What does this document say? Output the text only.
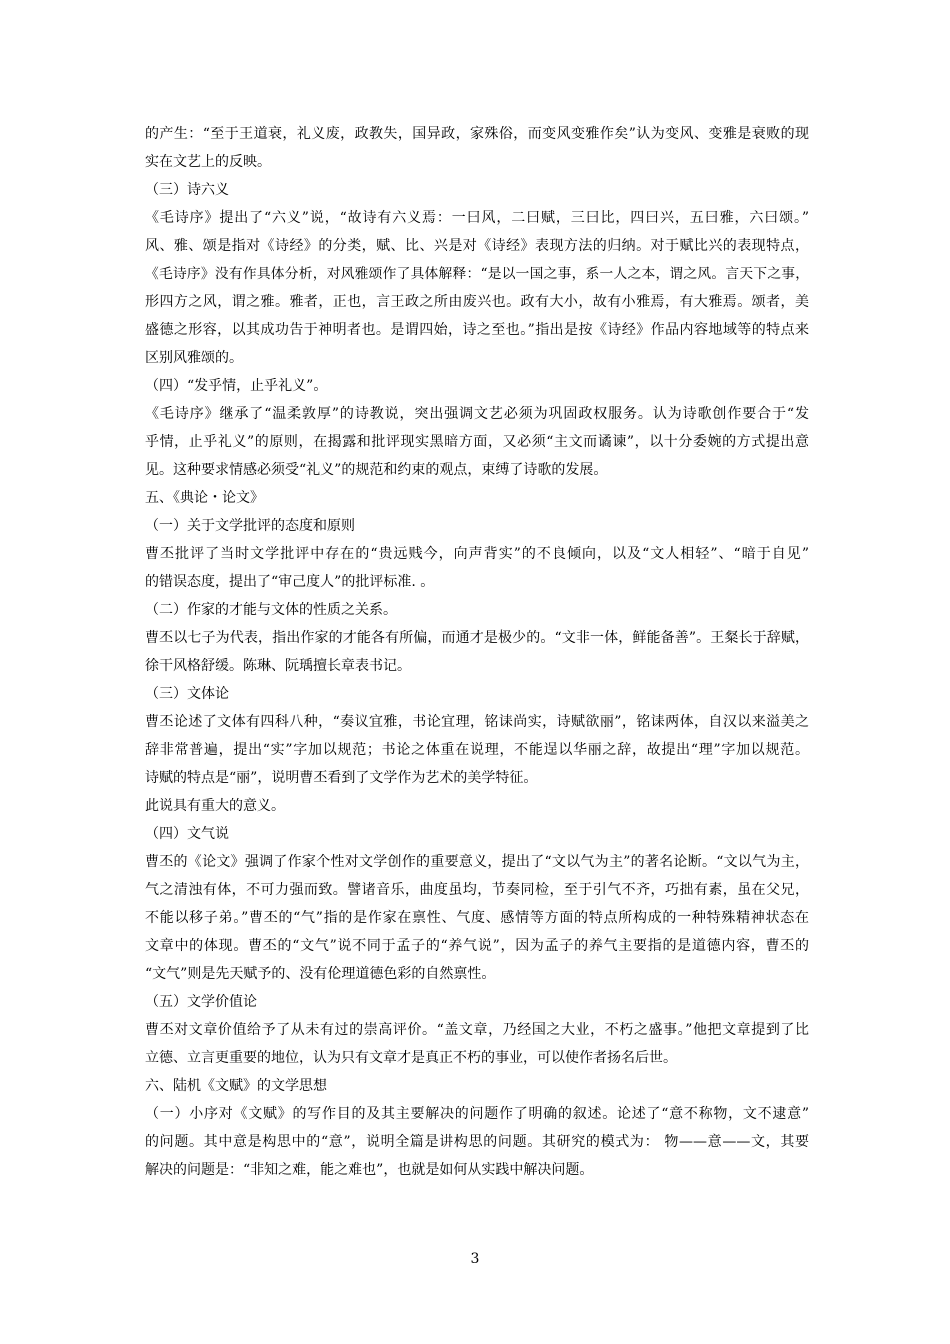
的产生：“至于王道衰，礼义废，政教失，国异政，家殊俗，而变风变雅作矣”认为变风、变雅是衰败的现
实在文艺上的反映。
（三）诗六义
《毛诗序》提出了“六义”说，“故诗有六义焉：一曰风，二曰赋，三曰比，四曰兴，五曰雅，六曰颂。”
风、雅、颂是指对《诗经》的分类，赋、比、兴是对《诗经》表现方法的归纳。对于赋比兴的表现特点，
《毛诗序》没有作具体分析，对风雅颂作了具体解释：“是以一国之事，系一人之本，谓之风。言天下之事，
形四方之风，谓之雅。雅者，正也，言王政之所由废兴也。政有大小，故有小雅焉，有大雅焉。颂者，美
盛德之形容，以其成功告于神明者也。是谓四始，诗之至也。”指出是按《诗经》作品内容地域等的特点来
区别风雅颂的。
（四）“发乎情，止乎礼义”。
《毛诗序》继承了“温柔敦厚”的诗教说，突出强调文艺必须为巩固政权服务。认为诗歌创作要合于“发
乎情，止乎礼义”的原则，在揭露和批评现实黑暗方面，又必须“主文而谲谏”，以十分委婉的方式提出意
见。这种要求情感必须受“礼义”的规范和约束的观点，束缚了诗歌的发展。
五、《典论・论文》
（一）关于文学批评的态度和原则
曹丕批评了当时文学批评中存在的“贵远贱今，向声背实”的不良倾向，以及“文人相轻”、“暗于自见”
的错误态度，提出了“审己度人”的批评标准. 。
（二）作家的才能与文体的性质之关系。
曹丕以七子为代表，指出作家的才能各有所偏，而通才是极少的。“文非一体，鲜能备善”。王粲长于辞赋，
徐干风格舒缓。陈琳、阮瑀擅长章表书记。
（三）文体论
曹丕论述了文体有四科八种，“奏议宜雅，书论宜理，铭诔尚实，诗赋欲丽”，铭诔两体，自汉以来溢美之
辞非常普遍，提出“实”字加以规范；书论之体重在说理，不能逞以华丽之辞，故提出“理”字加以规范。
诗赋的特点是“丽”，说明曹丕看到了文学作为艺术的美学特征。
此说具有重大的意义。
（四）文气说
曹丕的《论文》强调了作家个性对文学创作的重要意义，提出了“文以气为主”的著名论断。“文以气为主，
气之清浊有体，不可力强而致。譬诸音乐，曲度虽均，节奏同检，至于引气不齐，巧拙有素，虽在父兄，
不能以移子弟。”曹丕的“气”指的是作家在禀性、气度、感情等方面的特点所构成的一种特殊精神状态在
文章中的体现。曹丕的“文气”说不同于孟子的“养气说”，因为孟子的养气主要指的是道德内容，曹丕的
“文气”则是先天赋予的、没有伦理道德色彩的自然禀性。
（五）文学价值论
曹丕对文章价值给予了从未有过的崇高评价。“盖文章，乃经国之大业，不朽之盛事。”他把文章提到了比
立德、立言更重要的地位，认为只有文章才是真正不朽的事业，可以使作者扬名后世。
六、陆机《文赋》的文学思想
（一）小序对《文赋》的写作目的及其主要解决的问题作了明确的叙述。论述了“意不称物，文不逮意”
的问题。其中意是构思中的“意”，说明全篇是讲构思的问题。其研究的模式为： 物——意——文，其要
解决的问题是：“非知之难，能之难也”，也就是如何从实践中解决问题。
3
